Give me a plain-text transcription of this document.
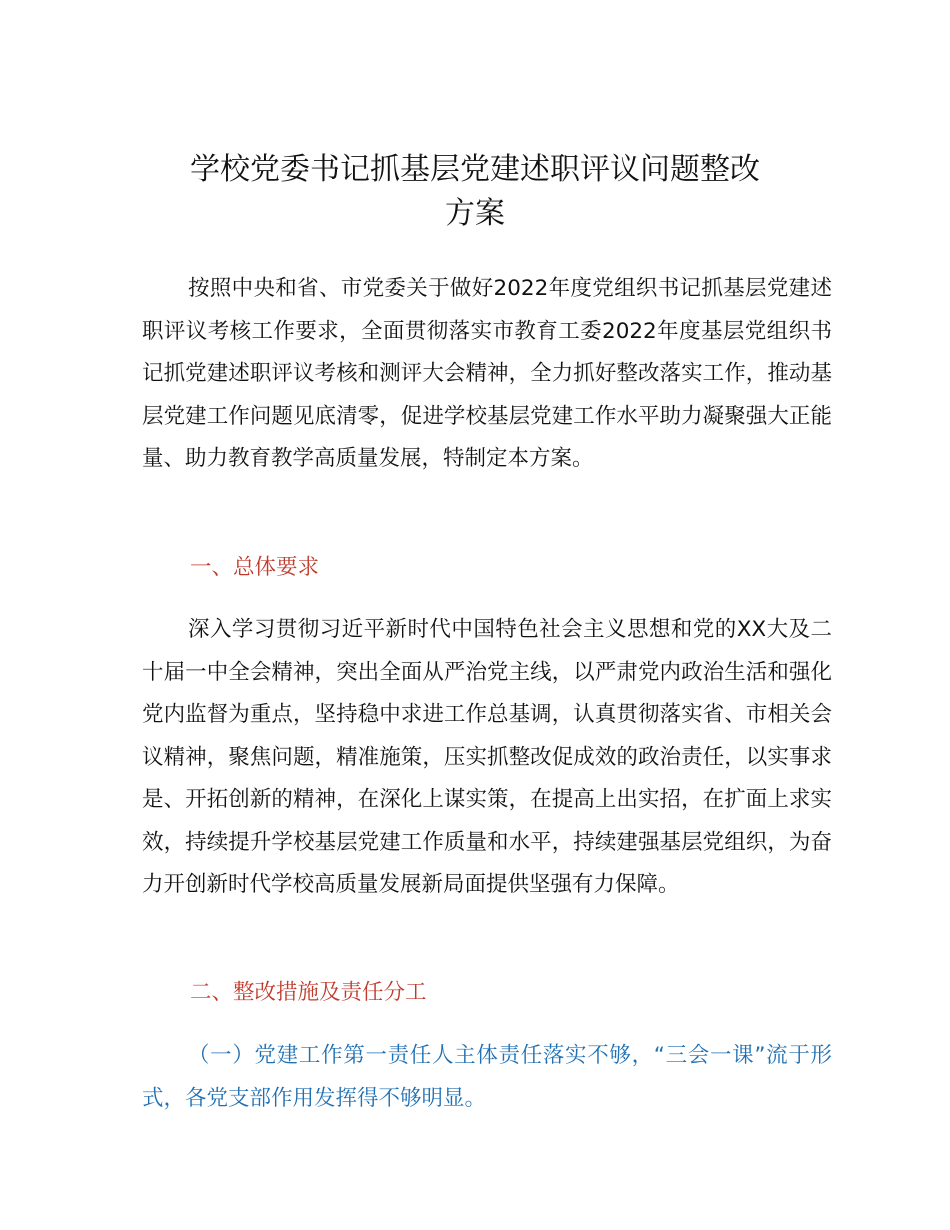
学校党委书记抓基层党建述职评议问题整改
方案

按照中央和省、市党委关于做好2022年度党组织书记抓基层党建述职评议考核工作要求，全面贯彻落实市教育工委2022年度基层党组织书记抓党建述职评议考核和测评大会精神，全力抓好整改落实工作，推动基层党建工作问题见底清零，促进学校基层党建工作水平助力凝聚强大正能量、助力教育教学高质量发展，特制定本方案。

一、总体要求

深入学习贯彻习近平新时代中国特色社会主义思想和党的XX大及二十届一中全会精神，突出全面从严治党主线，以严肃党内政治生活和强化党内监督为重点，坚持稳中求进工作总基调，认真贯彻落实省、市相关会议精神，聚焦问题，精准施策，压实抓整改促成效的政治责任，以实事求是、开拓创新的精神，在深化上谋实策，在提高上出实招，在扩面上求实效，持续提升学校基层党建工作质量和水平，持续建强基层党组织，为奋力开创新时代学校高质量发展新局面提供坚强有力保障。

二、整改措施及责任分工

（一）党建工作第一责任人主体责任落实不够，“三会一课”流于形式，各党支部作用发挥得不够明显。
